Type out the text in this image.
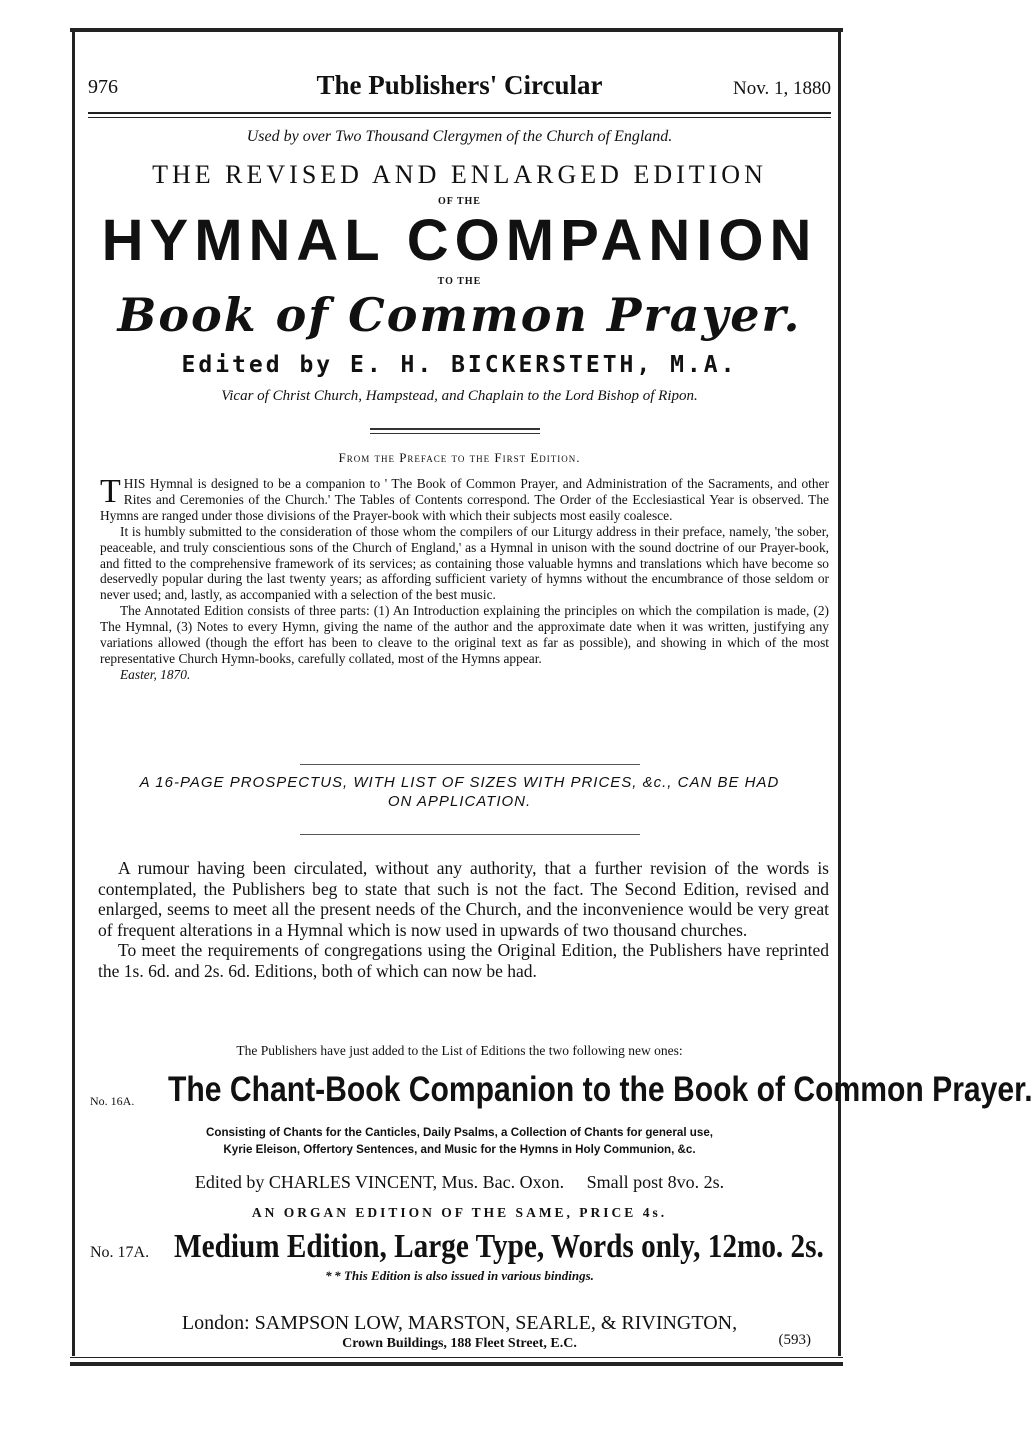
976	The Publishers' Circular	Nov. 1, 1880
Used by over Two Thousand Clergymen of the Church of England.
THE REVISED AND ENLARGED EDITION
OF THE
HYMNAL COMPANION
TO THE
Book of Common Prayer.
Edited by E. H. BICKERSTETH, M.A.
Vicar of Christ Church, Hampstead, and Chaplain to the Lord Bishop of Ripon.
From the Preface to the First Edition.
THIS Hymnal is designed to be a companion to ' The Book of Common Prayer, and Administration of the Sacraments, and other Rites and Ceremonies of the Church.' The Tables of Contents correspond. The Order of the Ecclesiastical Year is observed. The Hymns are ranged under those divisions of the Prayer-book with which their subjects most easily coalesce.
It is humbly submitted to the consideration of those whom the compilers of our Liturgy address in their preface, namely, 'the sober, peaceable, and truly conscientious sons of the Church of England,' as a Hymnal in unison with the sound doctrine of our Prayer-book, and fitted to the comprehensive framework of its services; as containing those valuable hymns and translations which have become so deservedly popular during the last twenty years; as affording sufficient variety of hymns without the encumbrance of those seldom or never used; and, lastly, as accompanied with a selection of the best music.
The Annotated Edition consists of three parts: (1) An Introduction explaining the principles on which the compilation is made, (2) The Hymnal, (3) Notes to every Hymn, giving the name of the author and the approximate date when it was written, justifying any variations allowed (though the effort has been to cleave to the original text as far as possible), and showing in which of the most representative Church Hymn-books, carefully collated, most of the Hymns appear.
Easter, 1870.
A 16-PAGE PROSPECTUS, WITH LIST OF SIZES WITH PRICES, &c., CAN BE HAD
ON APPLICATION.

A rumour having been circulated, without any authority, that a further revision of the words is contemplated, the Publishers beg to state that such is not the fact. The Second Edition, revised and enlarged, seems to meet all the present needs of the Church, and the inconvenience would be very great of frequent alterations in a Hymnal which is now used in upwards of two thousand churches.

To meet the requirements of congregations using the Original Edition, the Publishers have reprinted the 1s. 6d. and 2s. 6d. Editions, both of which can now be had.

The Publishers have just added to the List of Editions the two following new ones:
No. 16A. The Chant-Book Companion to the Book of Common Prayer.
Consisting of Chants for the Canticles, Daily Psalms, a Collection of Chants for general use,
Kyrie Eleison, Offertory Sentences, and Music for the Hymns in Holy Communion, &c.
Edited by CHARLES VINCENT, Mus. Bac. Oxon.     Small post 8vo. 2s.
AN ORGAN EDITION OF THE SAME, PRICE 4s.
No. 17A. Medium Edition, Large Type, Words only, 12mo. 2s.
* * This Edition is also issued in various bindings.
London: SAMPSON LOW, MARSTON, SEARLE, & RIVINGTON,
Crown Buildings, 188 Fleet Street, E.C.	(593)
